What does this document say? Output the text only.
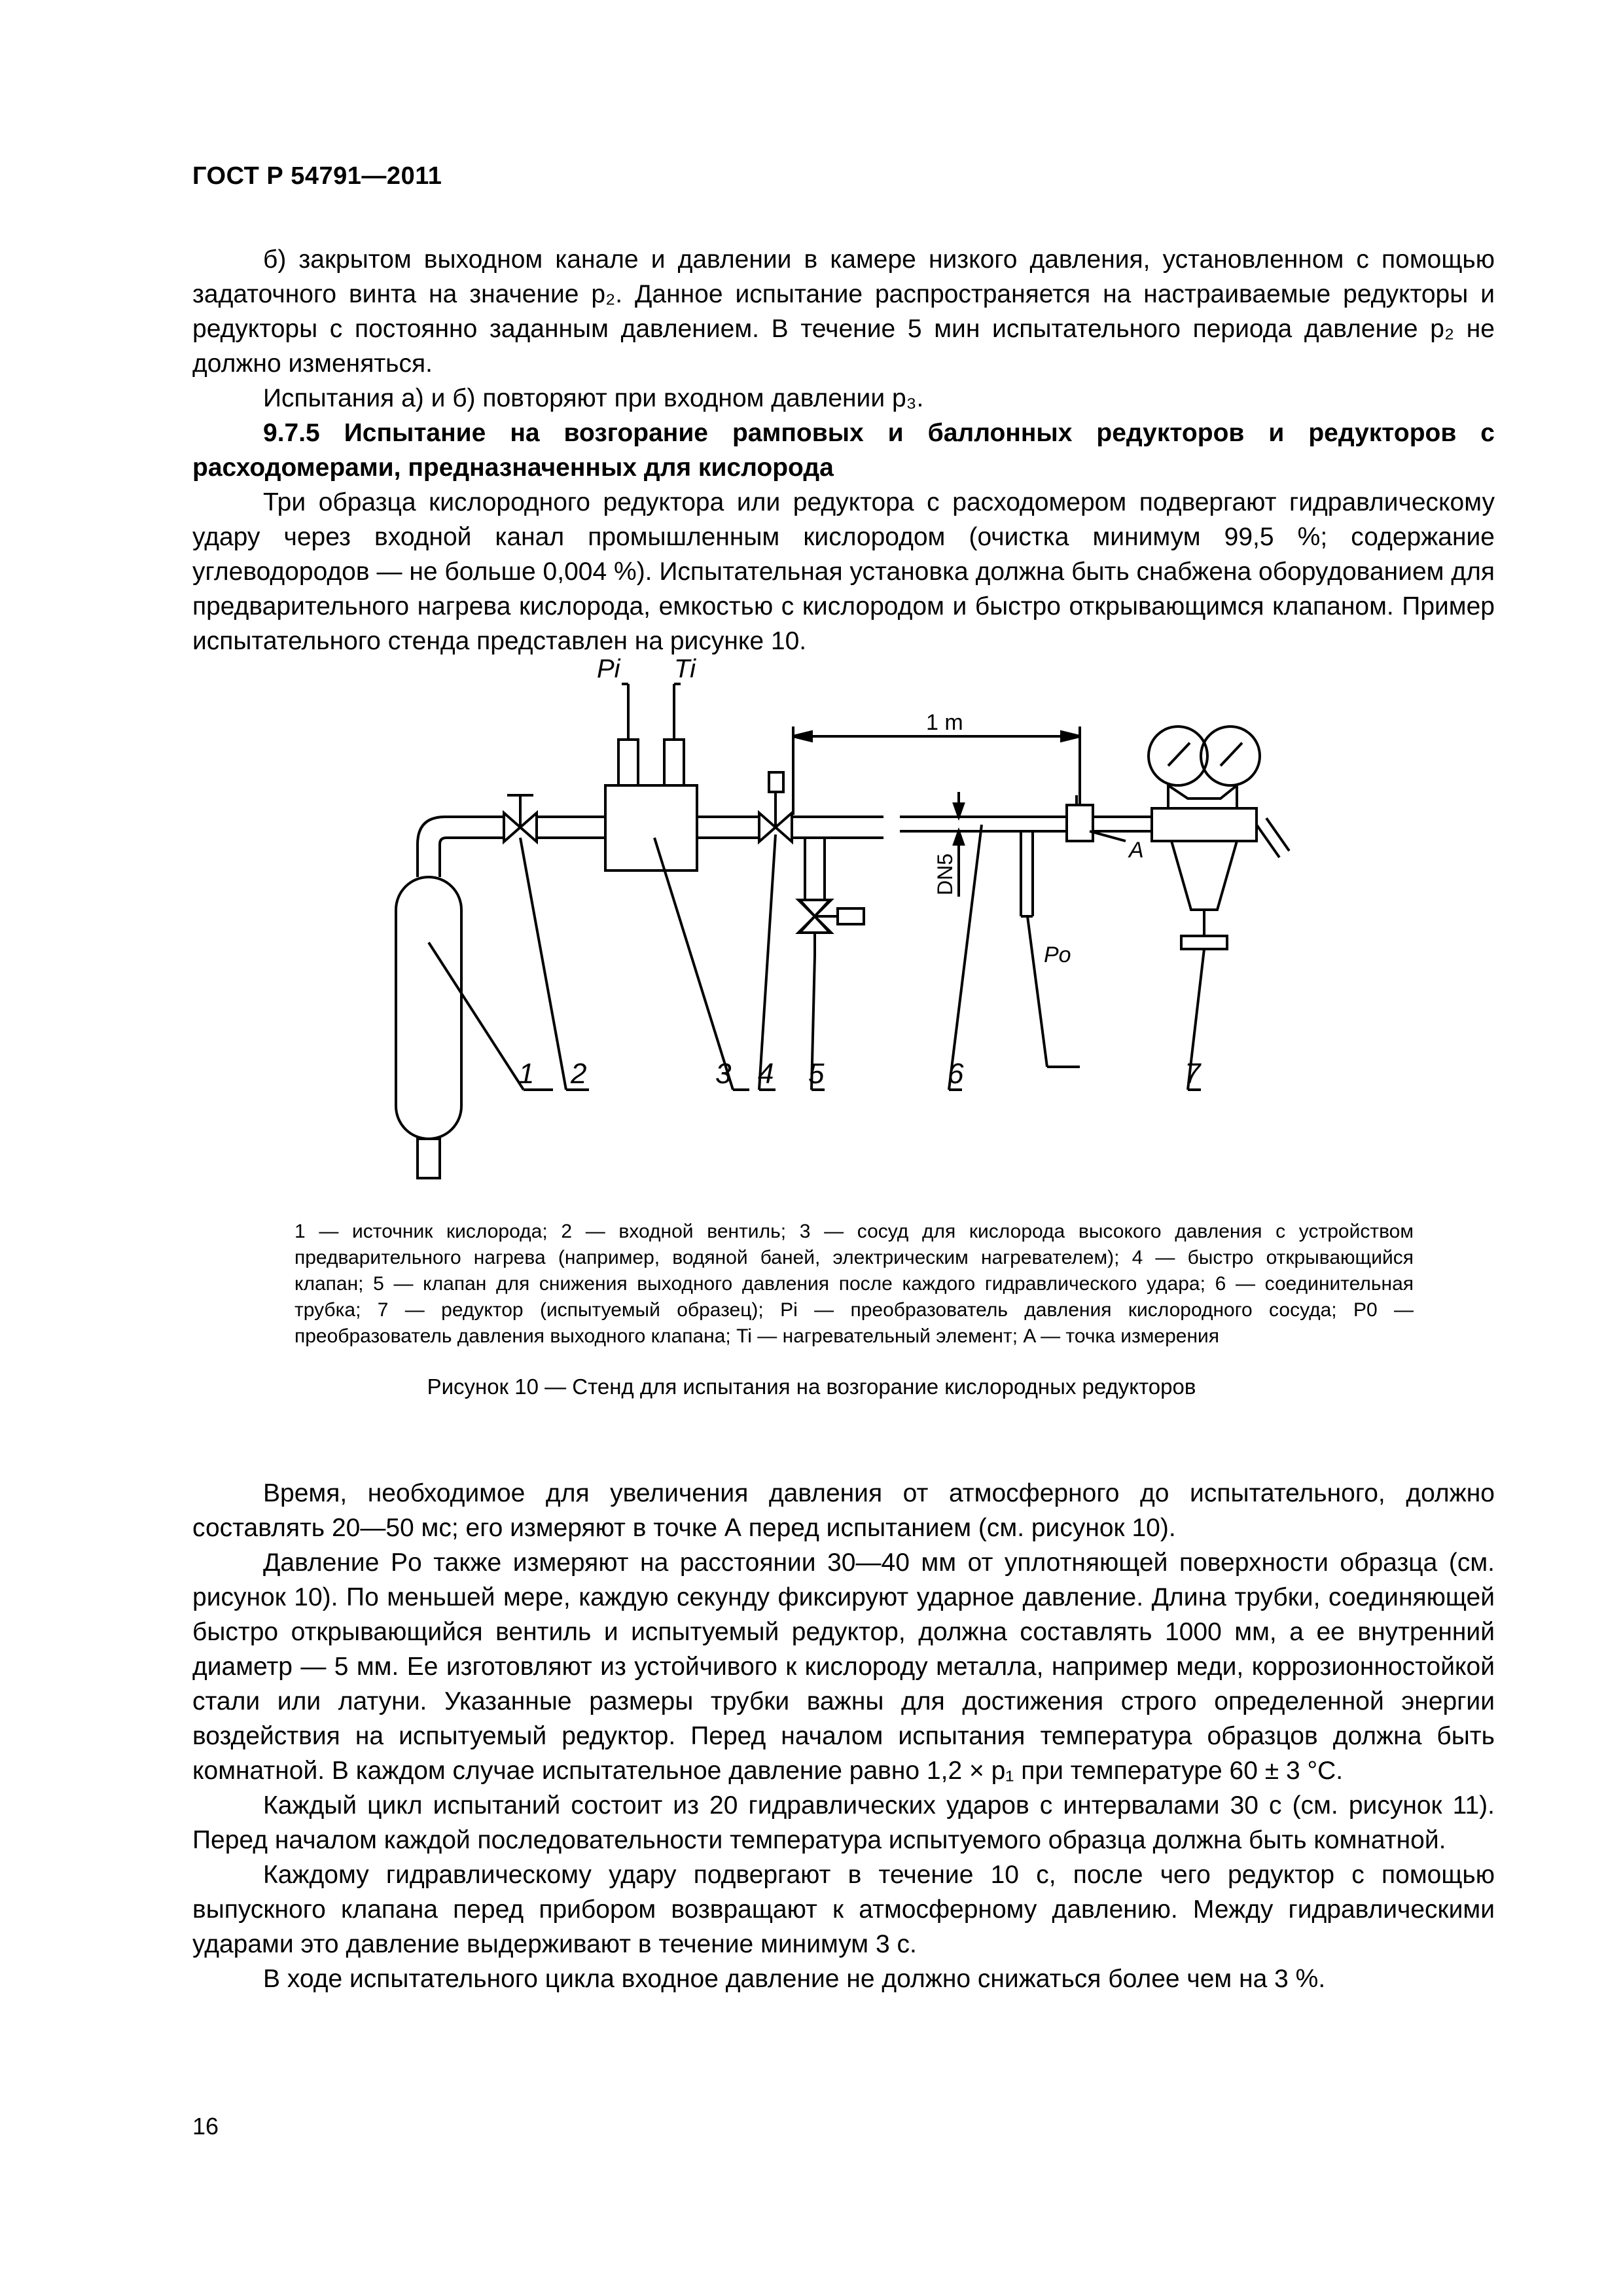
ГОСТ Р 54791—2011

б) закрытом выходном канале и давлении в камере низкого давления, установленном с помощью задаточного винта на значение p₂. Данное испытание распространяется на настраиваемые редукторы и редукторы с постоянно заданным давлением. В течение 5 мин испытательного периода давление p₂ не должно изменяться.

Испытания а) и б) повторяют при входном давлении p₃.

9.7.5 Испытание на возгорание рамповых и баллонных редукторов и редукторов с расходомерами, предназначенных для кислорода

Три образца кислородного редуктора или редуктора с расходомером подвергают гидравлическому удару через входной канал промышленным кислородом (очистка минимум 99,5 %; содержание углеводородов — не больше 0,004 %). Испытательная установка должна быть снабжена оборудованием для предварительного нагрева кислорода, емкостью с кислородом и быстро открывающимся клапаном. Пример испытательного стенда представлен на рисунке 10.

Pi Ti
1 m
DN5
A
Po
1 2	3 4 5	6	7
1 — источник кислорода; 2 — входной вентиль; 3 — сосуд для кислорода высокого давления с устройством предварительного нагрева (например, водяной баней, электрическим нагревателем); 4 — быстро открывающийся клапан; 5 — клапан для снижения выходного давления после каждого гидравлического удара; 6 — соединительная трубка; 7 — редуктор (испытуемый образец); Pi — преобразователь давления кислородного сосуда; P0 — преобразователь давления выходного клапана; Ti — нагревательный элемент; A — точка измерения
Рисунок 10 — Стенд для испытания на возгорание кислородных редукторов

Время, необходимое для увеличения давления от атмосферного до испытательного, должно составлять 20—50 мс; его измеряют в точке А перед испытанием (см. рисунок 10).

Давление Pо также измеряют на расстоянии 30—40 мм от уплотняющей поверхности образца (см. рисунок 10). По меньшей мере, каждую секунду фиксируют ударное давление. Длина трубки, соединяющей быстро открывающийся вентиль и испытуемый редуктор, должна составлять 1000 мм, а ее внутренний диаметр — 5 мм. Ее изготовляют из устойчивого к кислороду металла, например меди, коррозионностойкой стали или латуни. Указанные размеры трубки важны для достижения строго определенной энергии воздействия на испытуемый редуктор. Перед началом испытания температура образцов должна быть комнатной. В каждом случае испытательное давление равно 1,2 × p₁ при температуре 60 ± 3 °С.

Каждый цикл испытаний состоит из 20 гидравлических ударов с интервалами 30 с (см. рисунок 11). Перед началом каждой последовательности температура испытуемого образца должна быть комнатной.

Каждому гидравлическому удару подвергают в течение 10 с, после чего редуктор с помощью выпускного клапана перед прибором возвращают к атмосферному давлению. Между гидравлическими ударами это давление выдерживают в течение минимум 3 с.

В ходе испытательного цикла входное давление не должно снижаться более чем на 3 %.

16
